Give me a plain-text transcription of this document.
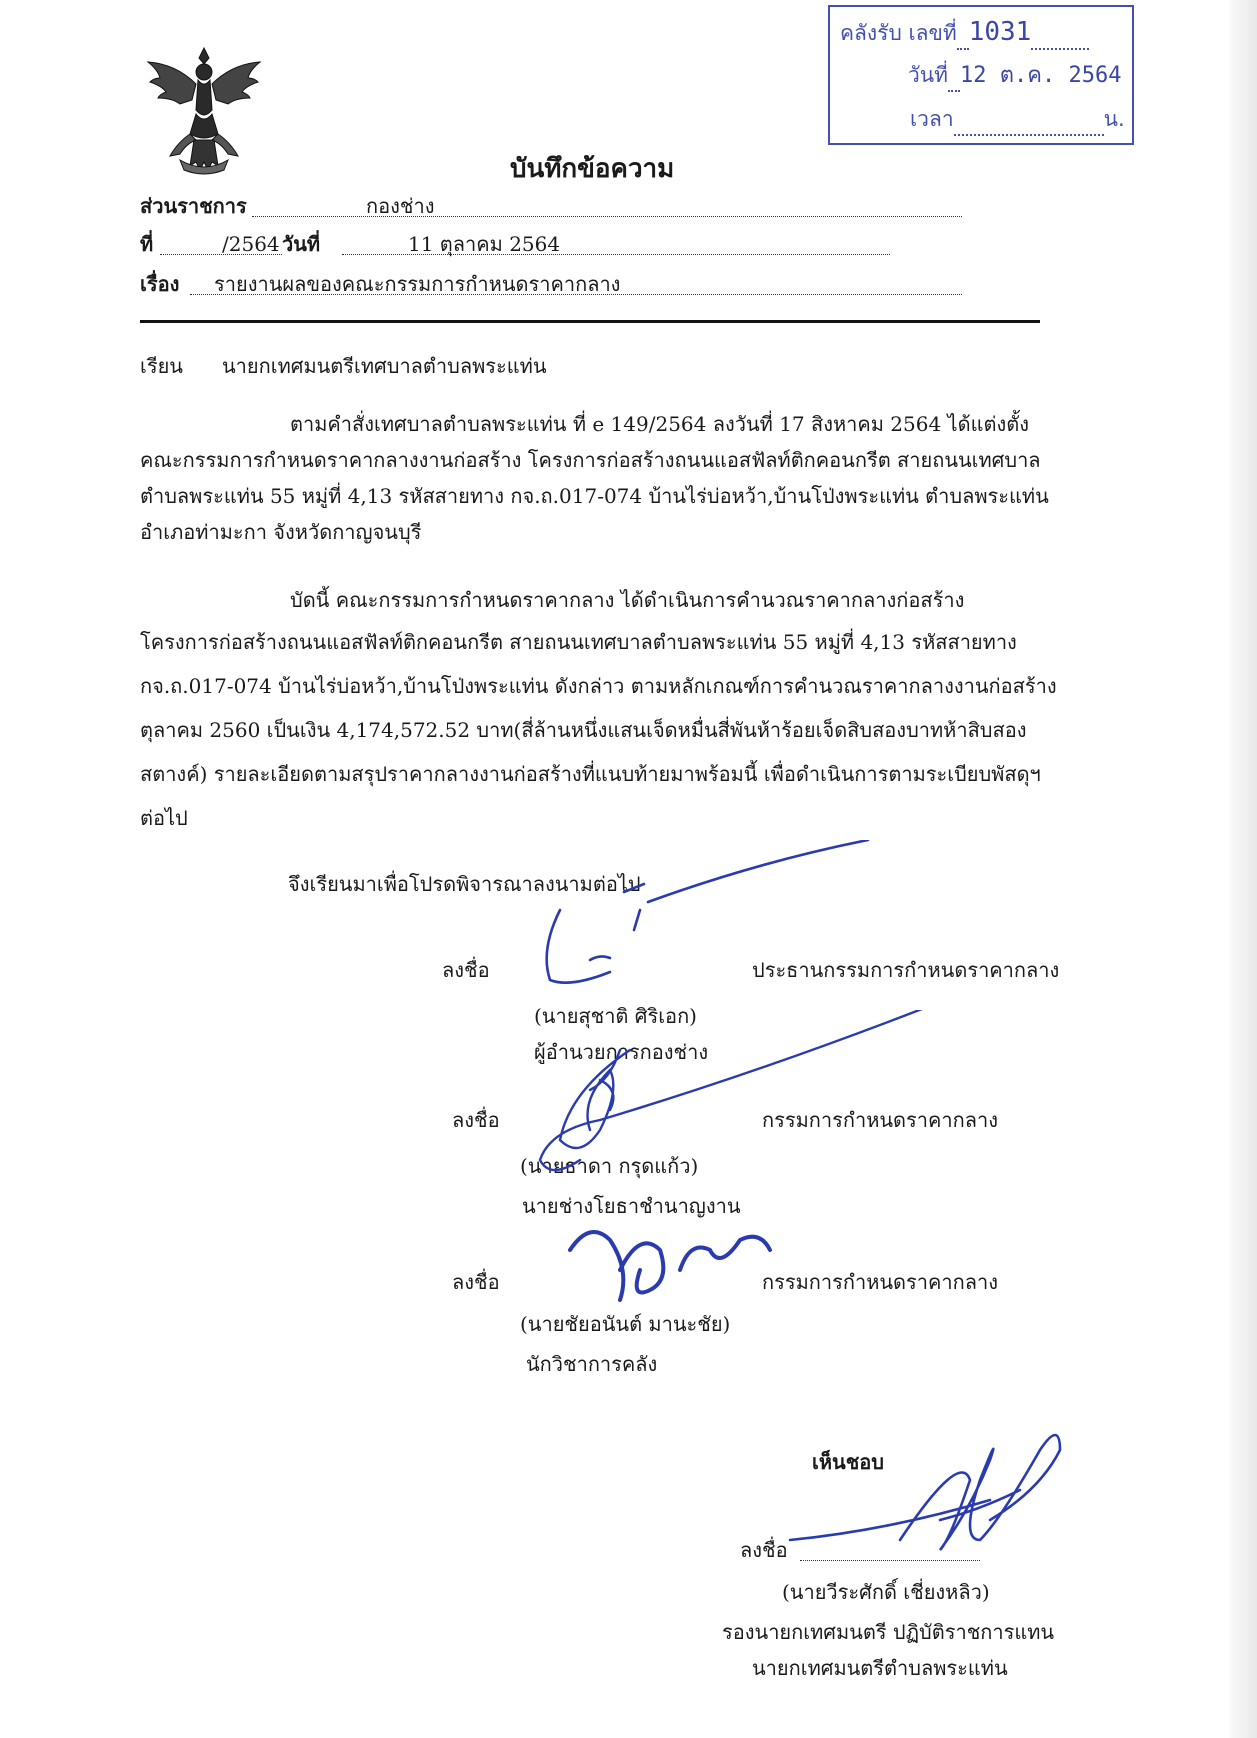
คลังรับ เลขที่ 1031
วันที่ 12 ต.ค. 2564
เวลา	น.
บันทึกข้อความ
ส่วนราชการ	กองช่าง
ที่	/2564 วันที่	11 ตุลาคม 2564
เรื่อง รายงานผลของคณะกรรมการกำหนดราคากลาง
เรียน นายกเทศมนตรีเทศบาลตำบลพระแท่น
ตามคำสั่งเทศบาลตำบลพระแท่น ที่ e 149/2564 ลงวันที่ 17 สิงหาคม 2564 ได้แต่งตั้ง
คณะกรรมการกำหนดราคากลางงานก่อสร้าง โครงการก่อสร้างถนนแอสฟัลท์ติกคอนกรีต สายถนนเทศบาล
ตำบลพระแท่น 55 หมู่ที่ 4,13 รหัสสายทาง กจ.ถ.017-074 บ้านไร่บ่อหว้า,บ้านโป่งพระแท่น ตำบลพระแท่น
อำเภอท่ามะกา จังหวัดกาญจนบุรี
บัดนี้ คณะกรรมการกำหนดราคากลาง ได้ดำเนินการคำนวณราคากลางก่อสร้าง
โครงการก่อสร้างถนนแอสฟัลท์ติกคอนกรีต สายถนนเทศบาลตำบลพระแท่น 55 หมู่ที่ 4,13 รหัสสายทาง
กจ.ถ.017-074 บ้านไร่บ่อหว้า,บ้านโป่งพระแท่น ดังกล่าว ตามหลักเกณฑ์การคำนวณราคากลางงานก่อสร้าง
ตุลาคม 2560 เป็นเงิน 4,174,572.52 บาท(สี่ล้านหนึ่งแสนเจ็ดหมื่นสี่พันห้าร้อยเจ็ดสิบสองบาทห้าสิบสอง
สตางค์) รายละเอียดตามสรุปราคากลางงานก่อสร้างที่แนบท้ายมาพร้อมนี้ เพื่อดำเนินการตามระเบียบพัสดุฯ
ต่อไป
จึงเรียนมาเพื่อโปรดพิจารณาลงนามต่อไป
ลงชื่อ	ประธานกรรมการกำหนดราคากลาง
(นายสุชาติ ศิริเอก)
ผู้อำนวยการกองช่าง
ลงชื่อ	กรรมการกำหนดราคากลาง
(นายธาดา กรุดแก้ว)
นายช่างโยธาชำนาญงาน
ลงชื่อ	กรรมการกำหนดราคากลาง
(นายชัยอนันต์ มานะชัย)
นักวิชาการคลัง
เห็นชอบ
ลงชื่อ
(นายวีระศักดิ์ เชี่ยงหลิว)
รองนายกเทศมนตรี ปฏิบัติราชการแทน
นายกเทศมนตรีตำบลพระแท่น
